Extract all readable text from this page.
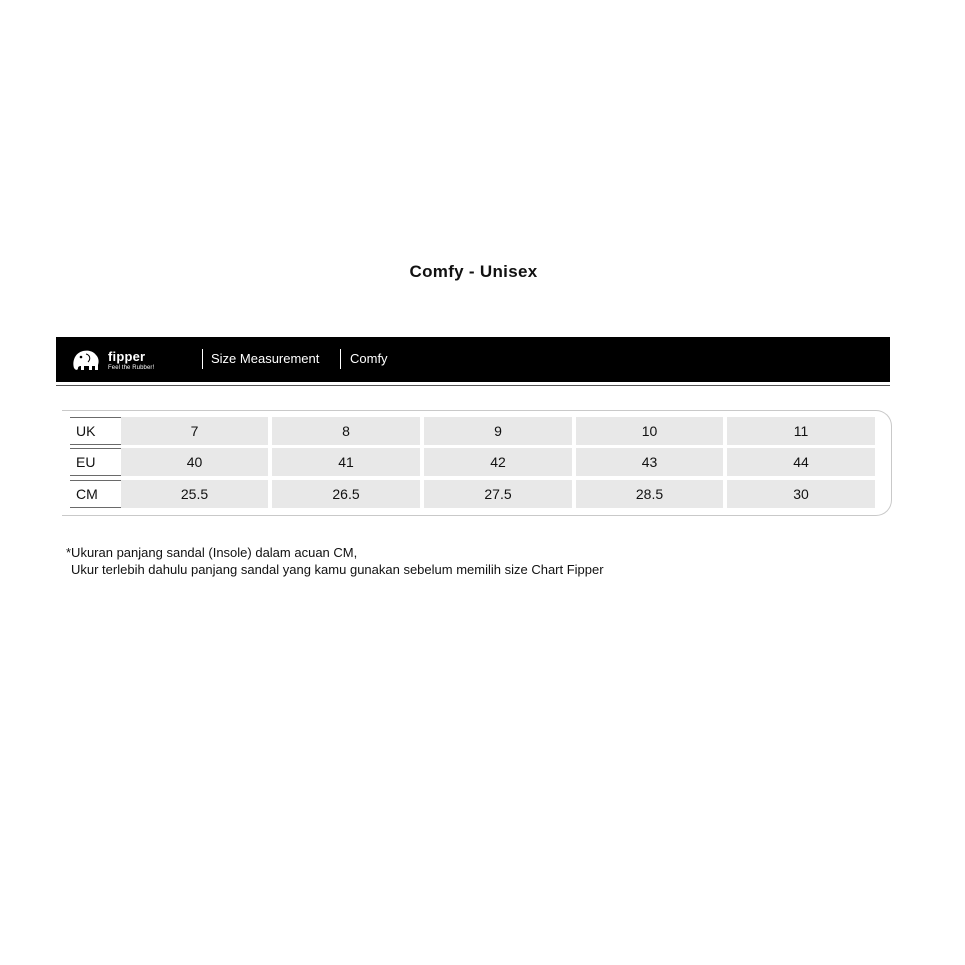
Comfy - Unisex
fipper
Feel the Rubber!
Size Measurement Comfy
UK	7	8	9	10	11
EU	40	41	42	43	44
CM	25.5	26.5	27.5	28.5	30
*Ukuran panjang sandal (Insole) dalam acuan CM,
Ukur terlebih dahulu panjang sandal yang kamu gunakan sebelum memilih size Chart Fipper
